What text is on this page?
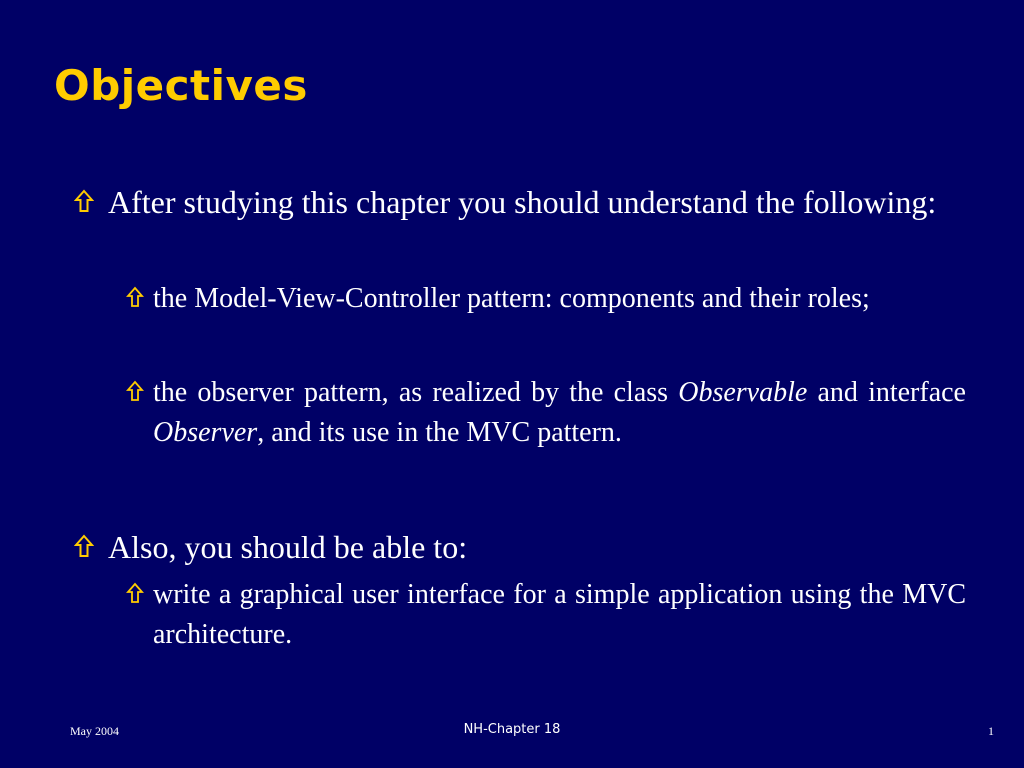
Objectives
After studying this chapter you should understand the following:
the Model-View-Controller pattern: components and their roles;
the observer pattern, as realized by the class Observable and interface Observer, and its use in the MVC pattern.
Also, you should be able to:
write a graphical user interface for a simple application using the MVC architecture.
May 2004	NH-Chapter 18	1
